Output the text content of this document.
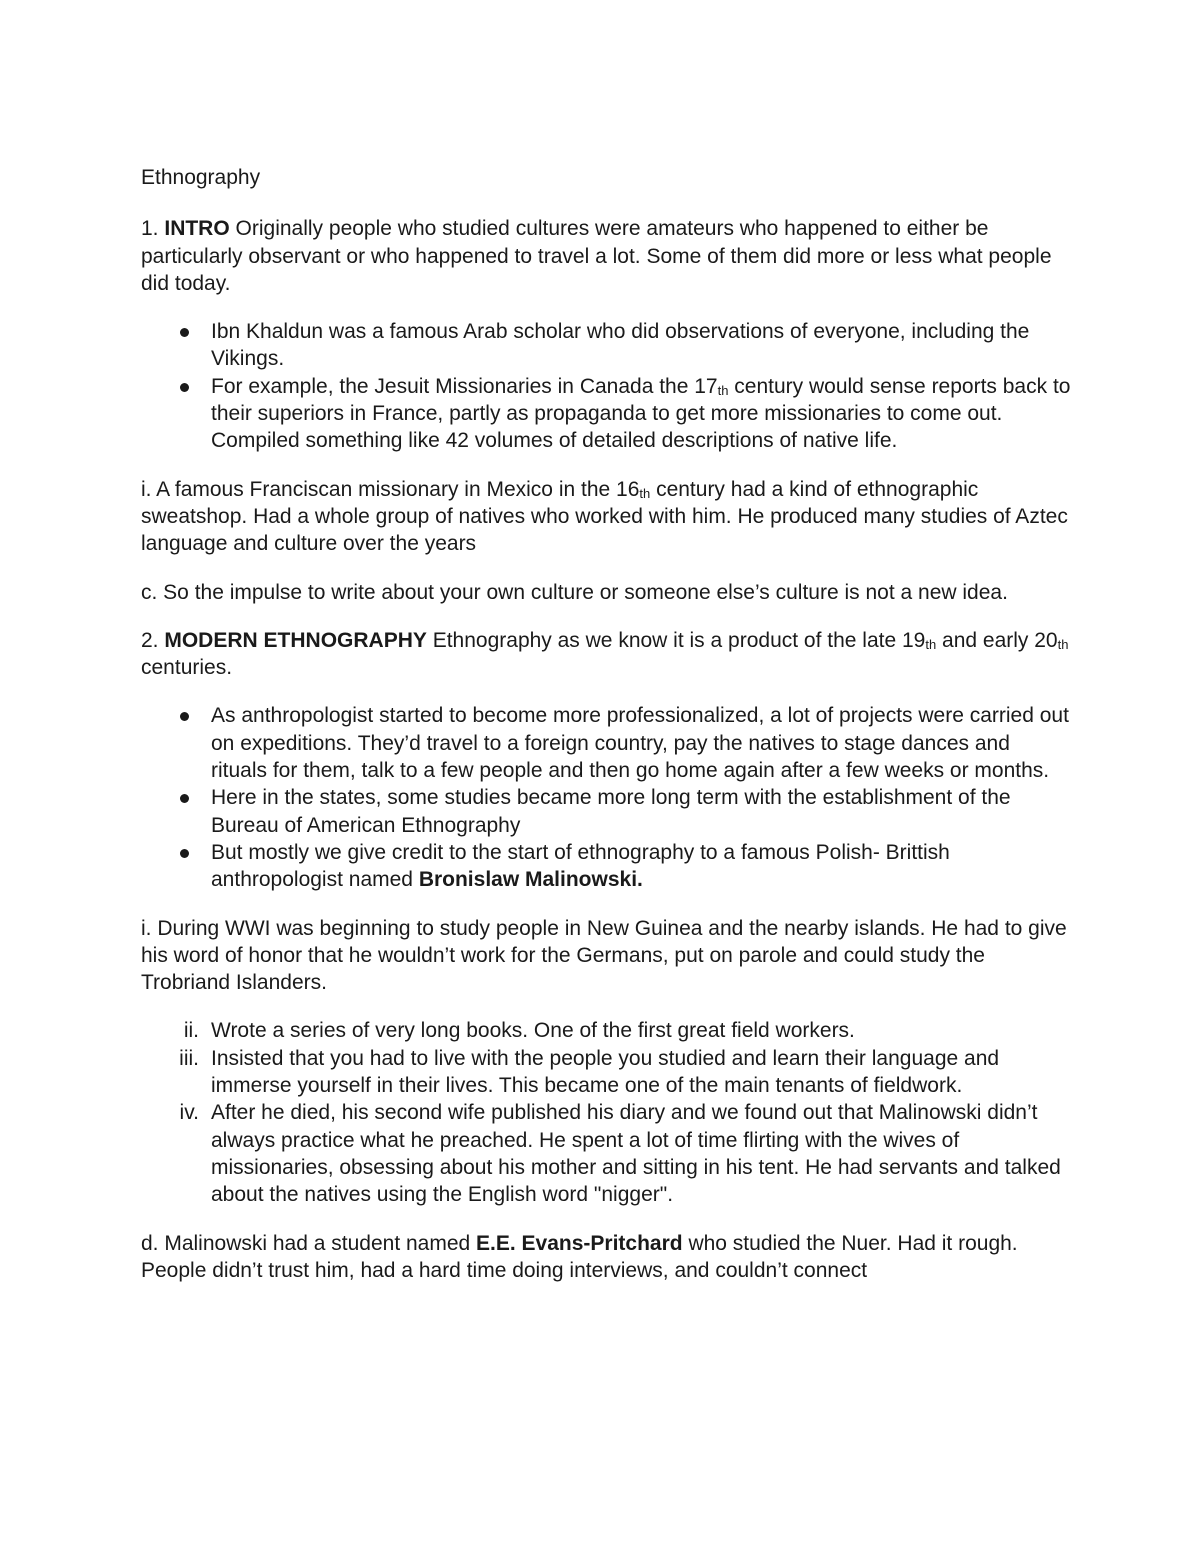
Ethnography

1. INTRO Originally people who studied cultures were amateurs who happened to either be particularly observant or who happened to travel a lot. Some of them did more or less what people did today.

Ibn Khaldun was a famous Arab scholar who did observations of everyone, including the Vikings.
For example, the Jesuit Missionaries in Canada the 17th century would sense reports back to their superiors in France, partly as propaganda to get more missionaries to come out. Compiled something like 42 volumes of detailed descriptions of native life.

i. A famous Franciscan missionary in Mexico in the 16th century had a kind of ethnographic sweatshop. Had a whole group of natives who worked with him. He produced many studies of Aztec language and culture over the years

c. So the impulse to write about your own culture or someone else’s culture is not a new idea.

2. MODERN ETHNOGRAPHY Ethnography as we know it is a product of the late 19th and early 20th centuries.

As anthropologist started to become more professionalized, a lot of projects were carried out on expeditions. They’d travel to a foreign country, pay the natives to stage dances and rituals for them, talk to a few people and then go home again after a few weeks or months.
Here in the states, some studies became more long term with the establishment of the Bureau of American Ethnography
But mostly we give credit to the start of ethnography to a famous Polish- Brittish anthropologist named Bronislaw Malinowski.

i. During WWI was beginning to study people in New Guinea and the nearby islands. He had to give his word of honor that he wouldn’t work for the Germans, put on parole and could study the Trobriand Islanders.

ii. Wrote a series of very long books. One of the first great field workers.
iii. Insisted that you had to live with the people you studied and learn their language and immerse yourself in their lives. This became one of the main tenants of fieldwork.
iv. After he died, his second wife published his diary and we found out that Malinowski didn’t always practice what he preached. He spent a lot of time flirting with the wives of missionaries, obsessing about his mother and sitting in his tent. He had servants and talked about the natives using the English word "nigger".

d. Malinowski had a student named E.E. Evans-Pritchard who studied the Nuer. Had it rough. People didn’t trust him, had a hard time doing interviews, and couldn’t connect
